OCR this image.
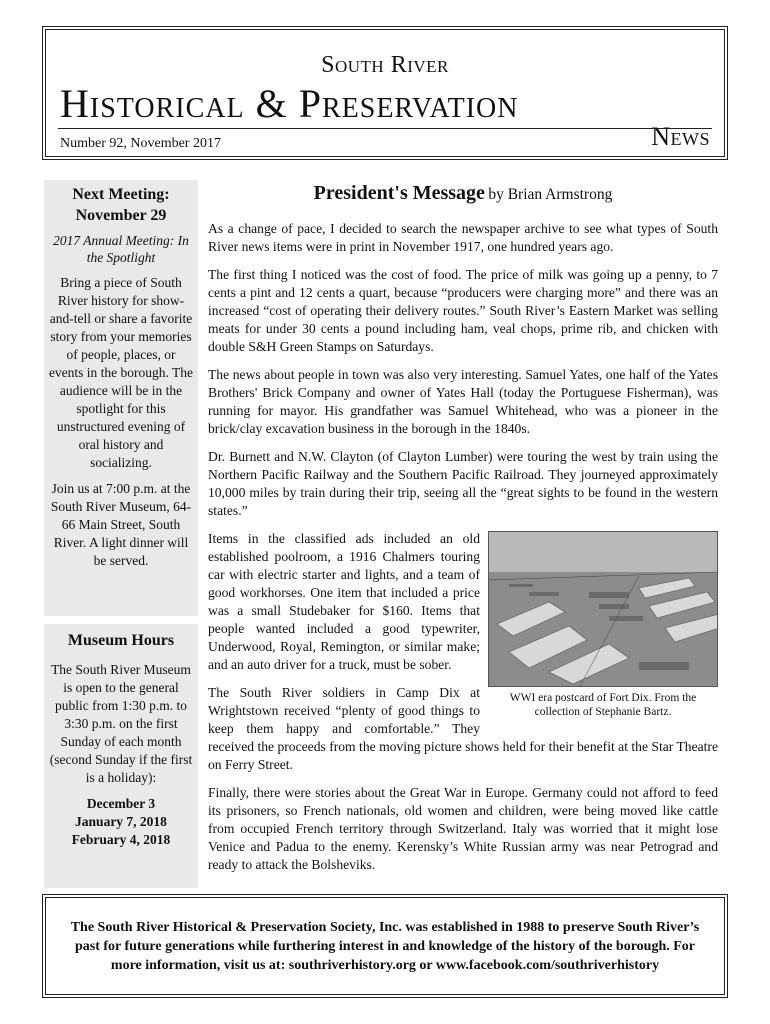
South River
Historical & Preservation
Number 92, November 2017	News
Next Meeting: November 29
2017 Annual Meeting: In the Spotlight
Bring a piece of South River history for show-and-tell or share a favorite story from your memories of people, places, or events in the borough. The audience will be in the spotlight for this unstructured evening of oral history and socializing.
Join us at 7:00 p.m. at the South River Museum, 64-66 Main Street, South River. A light dinner will be served.
Museum Hours
The South River Museum is open to the general public from 1:30 p.m. to 3:30 p.m. on the first Sunday of each month (second Sunday if the first is a holiday):
December 3
January 7, 2018
February 4, 2018
President's Message by Brian Armstrong
As a change of pace, I decided to search the newspaper archive to see what types of South River news items were in print in November 1917, one hundred years ago.
The first thing I noticed was the cost of food. The price of milk was going up a penny, to 7 cents a pint and 12 cents a quart, because “producers were charging more” and there was an increased “cost of operating their delivery routes.” South River’s Eastern Market was selling meats for under 30 cents a pound including ham, veal chops, prime rib, and chicken with double S&H Green Stamps on Saturdays.
The news about people in town was also very interesting. Samuel Yates, one half of the Yates Brothers' Brick Company and owner of Yates Hall (today the Portuguese Fisherman), was running for mayor. His grandfather was Samuel Whitehead, who was a pioneer in the brick/clay excavation business in the borough in the 1840s.
Dr. Burnett and N.W. Clayton (of Clayton Lumber) were touring the west by train using the Northern Pacific Railway and the Southern Pacific Railroad. They journeyed approximately 10,000 miles by train during their trip, seeing all the “great sights to be found in the western states.”
WWI era postcard of Fort Dix. From the collection of Stephanie Bartz.
Items in the classified ads included an old established poolroom, a 1916 Chalmers touring car with electric starter and lights, and a team of good workhorses. One item that included a price was a small Studebaker for $160. Items that people wanted included a good typewriter, Underwood, Royal, Remington, or similar make; and an auto driver for a truck, must be sober.
The South River soldiers in Camp Dix at Wrightstown received “plenty of good things to keep them happy and comfortable.” They received the proceeds from the moving picture shows held for their benefit at the Star Theatre on Ferry Street.
Finally, there were stories about the Great War in Europe. Germany could not afford to feed its prisoners, so French nationals, old women and children, were being moved like cattle from occupied French territory through Switzerland. Italy was worried that it might lose Venice and Padua to the enemy. Kerensky’s White Russian army was near Petrograd and ready to attack the Bolsheviks.
The South River Historical & Preservation Society, Inc. was established in 1988 to preserve South River’s past for future generations while furthering interest in and knowledge of the history of the borough. For more information, visit us at: southriverhistory.org or www.facebook.com/southriverhistory
